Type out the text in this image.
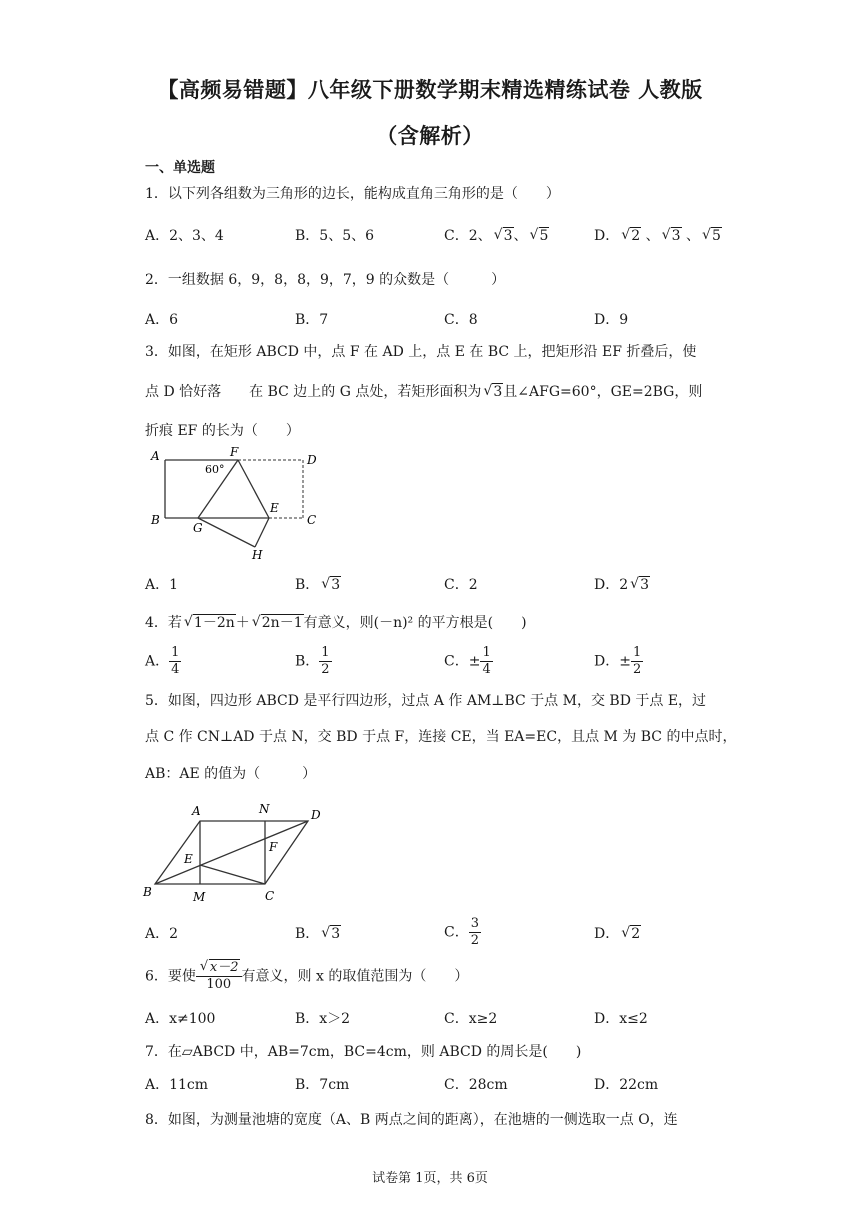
【高频易错题】八年级下册数学期末精选精练试卷 人教版
（含解析）
一、单选题
1．以下列各组数为三角形的边长，能构成直角三角形的是（　　）
A．2、3、4	B．5、5、6	C．2、 √ 3、 √ 5	D． √ 2 、 √ 3 、 √ 5
2．一组数据 6，9，8，8，9，7，9 的众数是（　　　）
A．6	B．7	C．8	D．9
3．如图，在矩形 ABCD 中，点 F 在 AD 上，点 E 在 BC 上，把矩形沿 EF 折叠后，使
点 D 恰好落　　在 BC 边上的 G 点处，若矩形面积为 √ 3且∠AFG=60°，GE=2BG，则
折痕 EF 的长为（　　）
A
B	C
D
E
F
G
H
60°
A．1	B． √ 3	C．2	D．2 √ 3
4．若 √ 1－2n＋ √ 2n－1有意义，则(－n)² 的平方根是(　　)
A． $\frac{1}{4}$	B． $\frac{1}{2}$	C．± $\frac{1}{4}$	D．± $\frac{1}{2}$
5．如图，四边形 ABCD 是平行四边形，过点 A 作 AM⊥BC 于点 M，交 BD 于点 E，过
点 C 作 CN⊥AD 于点 N，交 BD 于点 F，连接 CE，当 EA=EC，且点 M 为 BC 的中点时，
AB：AE 的值为（　　　）
A
B	C
D
E
F
M
N
A．2	B． √ 3	C． $\frac{3}{2}$	D． √ 2
6．要使 √ $\frac{x-2}{100}$ 有意义，则 x 的取值范围为（　　）
A．x≠100	B．x＞2	C．x≥2	D．x≤2
7．在▱ABCD 中，AB=7cm，BC=4cm，则 ABCD 的周长是(　　)
A．11cm	B．7cm	C．28cm	D．22cm
8．如图，为测量池塘的宽度（A、B 两点之间的距离），在池塘的一侧选取一点 O，连
试卷第 1页，共 6页
